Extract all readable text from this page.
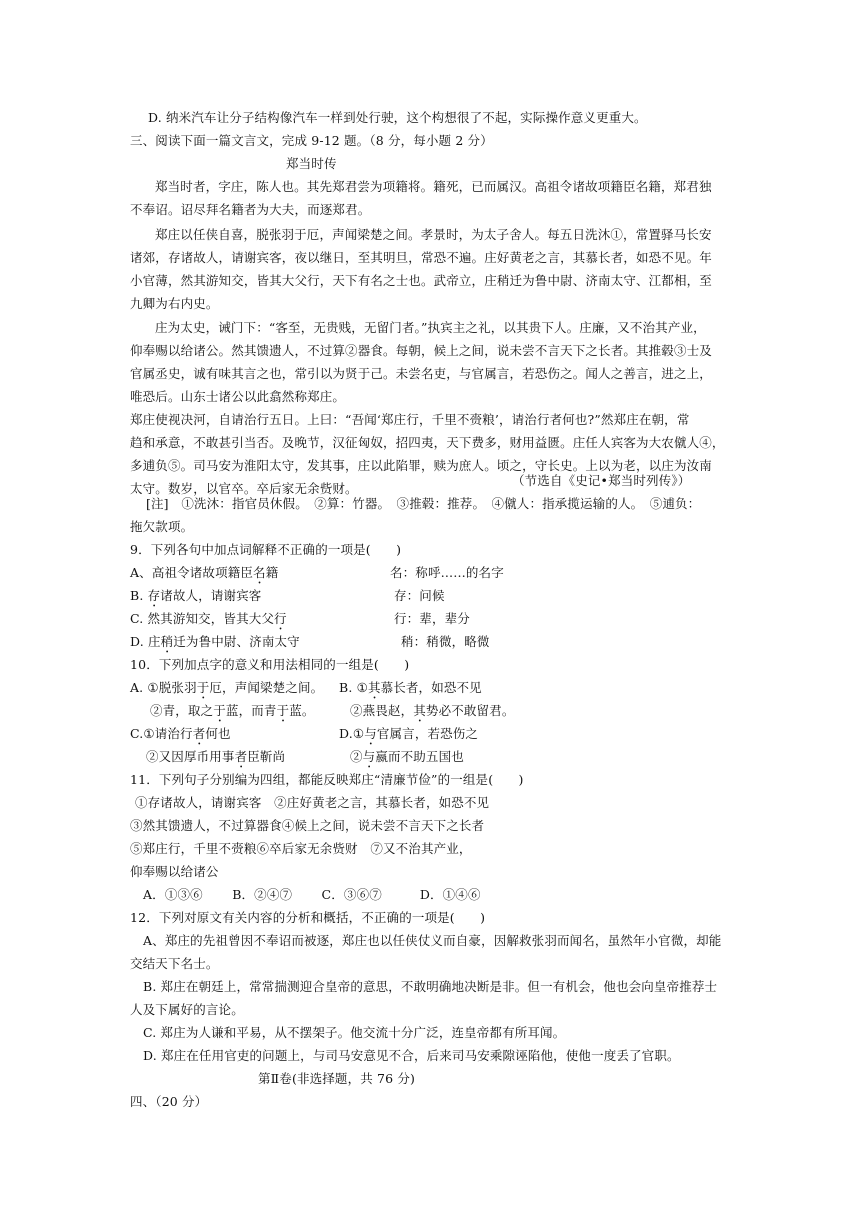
D. 纳米汽车让分子结构像汽车一样到处行驶，这个构想很了不起，实际操作意义更重大。
三、阅读下面一篇文言文，完成 9-12 题。（8 分，每小题 2 分）
郑当时传
郑当时者，字庄，陈人也。其先郑君尝为项籍将。籍死，已而属汉。高祖令诸故项籍臣名籍，郑君独
不奉诏。诏尽拜名籍者为大夫，而逐郑君。
郑庄以任侠自喜，脱张羽于厄，声闻梁楚之间。孝景时，为太子舍人。每五日洗沐①，常置驿马长安
诸郊，存诸故人，请谢宾客，夜以继日，至其明旦，常恐不遍。庄好黄老之言，其慕长者，如恐不见。年
小官薄，然其游知交，皆其大父行，天下有名之士也。武帝立，庄稍迁为鲁中尉、济南太守、江都相，至
九卿为右内史。
庄为太史，诫门下：“客至，无贵贱，无留门者。”执宾主之礼，以其贵下人。庄廉，又不治其产业，
仰奉赐以给诸公。然其馈遗人，不过算②器食。每朝，候上之间，说未尝不言天下之长者。其推毂③士及
官属丞史，诚有味其言之也，常引以为贤于己。未尝名吏，与官属言，若恐伤之。闻人之善言，进之上，
唯恐后。山东士诸公以此翕然称郑庄。
郑庄使视决河，自请治行五日。上曰：“吾闻‘郑庄行，千里不赍粮’，请治行者何也?”然郑庄在朝，常
趋和承意，不敢甚引当否。及晚节，汉征匈奴，招四夷，天下费多，财用益匮。庄任人宾客为大农僦人④，
多逋负⑤。司马安为淮阳太守，发其事，庄以此陷罪，赎为庶人。顷之，守长史。上以为老，以庄为汝南
太守。数岁，以官卒。卒后家无余赀财。
（节选自《史记•郑当时列传》）
[注]　①洗沐：指官员休假。　②算：竹器。　③推毂：推荐。　④僦人：指承揽运输的人。　⑤逋负：
拖欠款项。
9．下列各句中加点词解释不正确的一项是(　　)
A、高祖令诸故项籍臣名籍	名：称呼……的名字
B. 存诸故人，请谢宾客	存：问候
C. 然其游知交，皆其大父行	行：辈，辈分
D. 庄稍迁为鲁中尉、济南太守	稍：稍微，略微
10．下列加点字的意义和用法相同的一组是(　　)
A. ①脱张羽于厄，声闻梁楚之间。 B. ①其慕长者，如恐不见
②青，取之于蓝，而青于蓝。	②燕畏赵，其势必不敢留君。
C.①请治行者何也	D.①与官属言，若恐伤之
②又因厚币用事者臣靳尚	②与嬴而不助五国也
11．下列句子分别编为四组，都能反映郑庄“清廉节俭”的一组是(　　)
①存诸故人，请谢宾客　②庄好黄老之言，其慕长者，如恐不见
③然其馈遗人，不过算器食④候上之间，说未尝不言天下之长者
⑤郑庄行，千里不赍粮⑥卒后家无余赀财　⑦又不治其产业，
仰奉赐以给诸公
A．①③⑥　　 B．②④⑦　　 C．③⑥⑦　　　D．①④⑥
12．下列对原文有关内容的分析和概括，不正确的一项是(　　)
A、郑庄的先祖曾因不奉诏而被逐，郑庄也以任侠仗义而自豪，因解救张羽而闻名，虽然年小官微，却能
交结天下名士。
B. 郑庄在朝廷上，常常揣测迎合皇帝的意思，不敢明确地决断是非。但一有机会，他也会向皇帝推荐士
人及下属好的言论。
C. 郑庄为人谦和平易，从不摆架子。他交流十分广泛，连皇帝都有所耳闻。
D. 郑庄在任用官吏的问题上，与司马安意见不合，后来司马安乘隙诬陷他，使他一度丢了官职。
第Ⅱ卷(非选择题，共 76 分)
四、（20 分）
